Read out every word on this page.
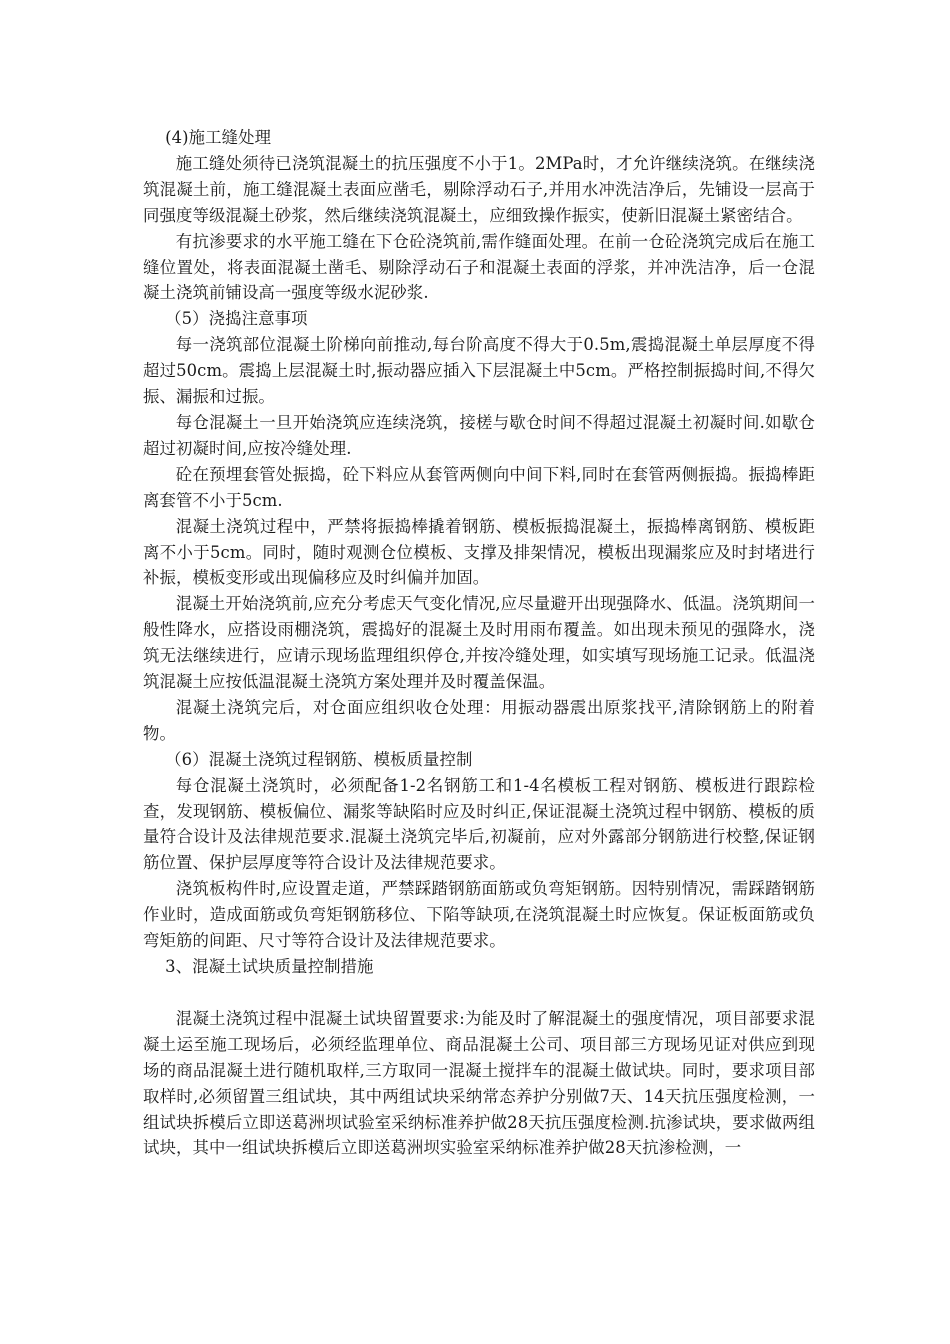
(4)施工缝处理

施工缝处须待已浇筑混凝土的抗压强度不小于1。2MPa时，才允许继续浇筑。在继续浇筑混凝土前，施工缝混凝土表面应凿毛，剔除浮动石子,并用水冲洗洁净后，先铺设一层高于同强度等级混凝土砂浆，然后继续浇筑混凝土，应细致操作振实，使新旧混凝土紧密结合。

有抗渗要求的水平施工缝在下仓砼浇筑前,需作缝面处理。在前一仓砼浇筑完成后在施工缝位置处，将表面混凝土凿毛、剔除浮动石子和混凝土表面的浮浆，并冲洗洁净，后一仓混凝土浇筑前铺设高一强度等级水泥砂浆.

（5）浇捣注意事项

每一浇筑部位混凝土阶梯向前推动,每台阶高度不得大于0.5m,震捣混凝土单层厚度不得超过50cm。震捣上层混凝土时,振动器应插入下层混凝土中5cm。严格控制振捣时间,不得欠振、漏振和过振。

每仓混凝土一旦开始浇筑应连续浇筑，接槎与歇仓时间不得超过混凝土初凝时间.如歇仓超过初凝时间,应按冷缝处理.

砼在预埋套管处振捣，砼下料应从套管两侧向中间下料,同时在套管两侧振捣。振捣棒距离套管不小于5cm.

混凝土浇筑过程中，严禁将振捣棒撬着钢筋、模板振捣混凝土，振捣棒离钢筋、模板距离不小于5cm。同时，随时观测仓位模板、支撑及排架情况，模板出现漏浆应及时封堵进行补振，模板变形或出现偏移应及时纠偏并加固。

混凝土开始浇筑前,应充分考虑天气变化情况,应尽量避开出现强降水、低温。浇筑期间一般性降水，应搭设雨棚浇筑，震捣好的混凝土及时用雨布覆盖。如出现未预见的强降水，浇筑无法继续进行，应请示现场监理组织停仓,并按冷缝处理，如实填写现场施工记录。低温浇筑混凝土应按低温混凝土浇筑方案处理并及时覆盖保温。

混凝土浇筑完后，对仓面应组织收仓处理：用振动器震出原浆找平,清除钢筋上的附着物。

（6）混凝土浇筑过程钢筋、模板质量控制

每仓混凝土浇筑时，必须配备1-2名钢筋工和1-4名模板工程对钢筋、模板进行跟踪检查，发现钢筋、模板偏位、漏浆等缺陷时应及时纠正,保证混凝土浇筑过程中钢筋、模板的质量符合设计及法律规范要求.混凝土浇筑完毕后,初凝前，应对外露部分钢筋进行校整,保证钢筋位置、保护层厚度等符合设计及法律规范要求。

浇筑板构件时,应设置走道，严禁踩踏钢筋面筋或负弯矩钢筋。因特别情况，需踩踏钢筋作业时，造成面筋或负弯矩钢筋移位、下陷等缺项,在浇筑混凝土时应恢复。保证板面筋或负弯矩筋的间距、尺寸等符合设计及法律规范要求。

3、混凝土试块质量控制措施

混凝土浇筑过程中混凝土试块留置要求:为能及时了解混凝土的强度情况，项目部要求混凝土运至施工现场后，必须经监理单位、商品混凝土公司、项目部三方现场见证对供应到现场的商品混凝土进行随机取样,三方取同一混凝土搅拌车的混凝土做试块。同时，要求项目部取样时,必须留置三组试块，其中两组试块采纳常态养护分别做7天、14天抗压强度检测，一组试块拆模后立即送葛洲坝试验室采纳标准养护做28天抗压强度检测.抗渗试块，要求做两组试块，其中一组试块拆模后立即送葛洲坝实验室采纳标准养护做28天抗渗检测，一
